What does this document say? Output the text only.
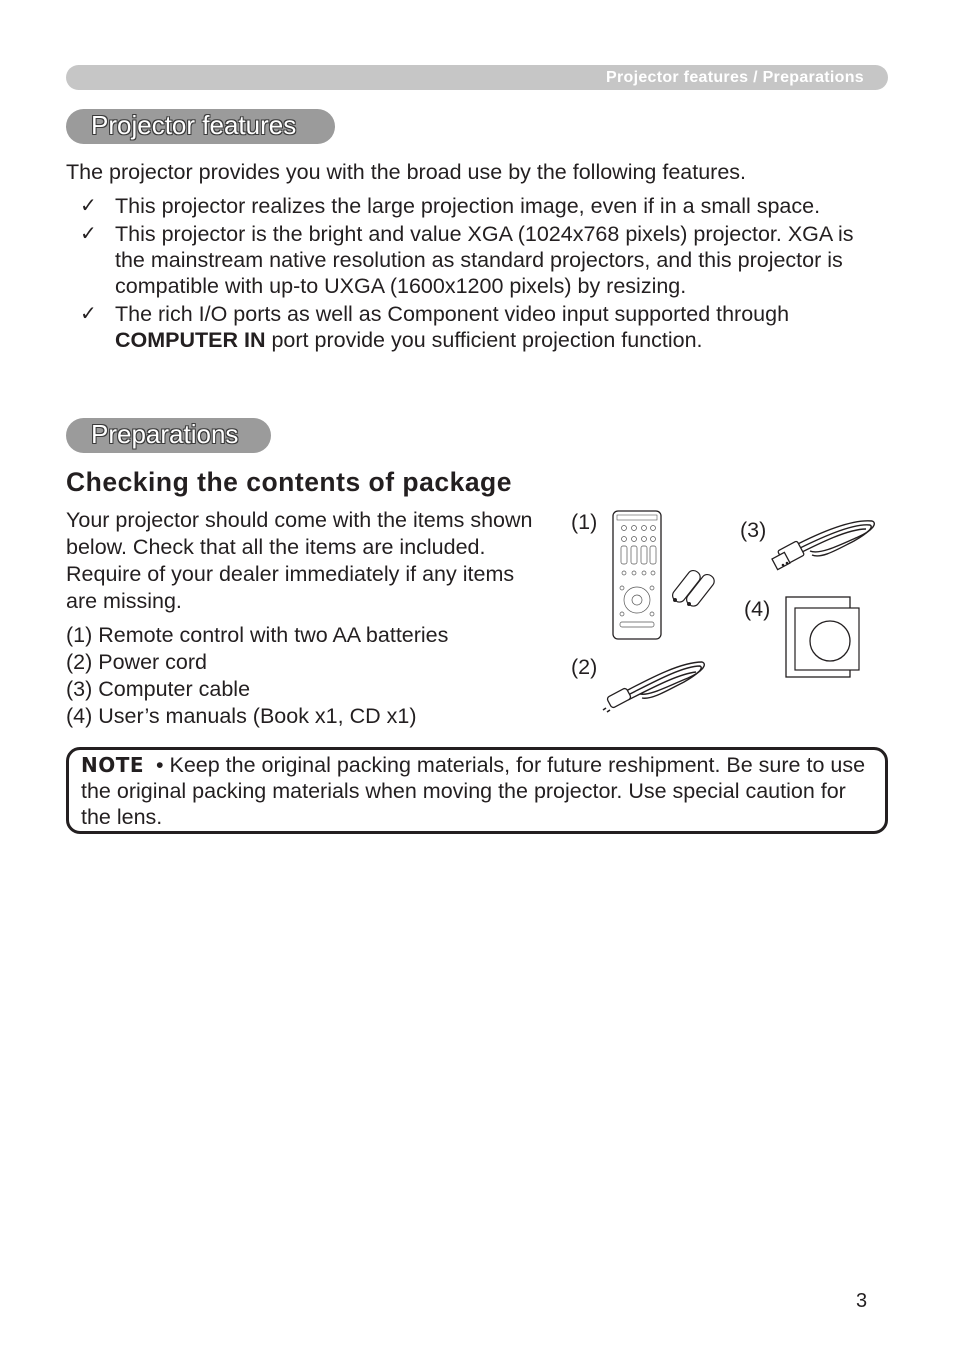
Projector features / Preparations
Projector features

The projector provides you with the broad use by the following features.

✓ This projector realizes the large projection image, even if in a small space.
✓ This projector is the bright and value XGA (1024x768 pixels) projector. XGA is the mainstream native resolution as standard projectors, and this projector is compatible with up-to UXGA (1600x1200 pixels) by resizing.
✓ The rich I/O ports as well as Component video input supported through COMPUTER IN port provide you sufficient projection function.
Preparations
Checking the contents of package

Your projector should come with the items shown below. Check that all the items are included. Require of your dealer immediately if any items are missing.

(1) Remote control with two AA batteries
(2) Power cord
(3) Computer cable
(4) User’s manuals (Book x1, CD x1)
(1)
(2)
(3)
(4)
NOTE • Keep the original packing materials, for future reshipment. Be sure to use the original packing materials when moving the projector. Use special caution for the lens.
3
